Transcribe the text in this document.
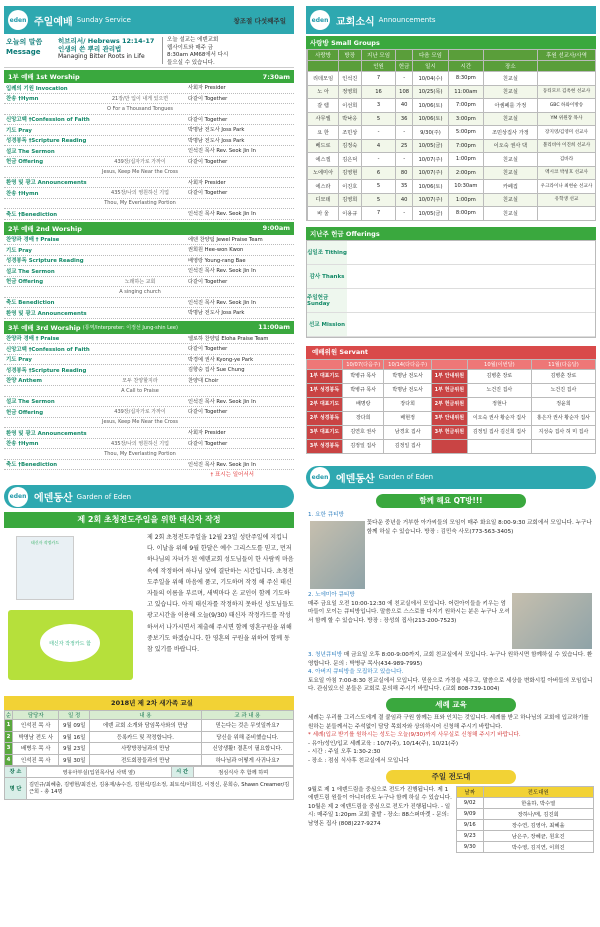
eden 주일예배 Sunday Service	창조절 다섯째주일
오늘의 말씀
Message
히브리서/ Hebrews 12:14-17
인생의 쓴 뿌리 관리법
Managing Bitter Roots in Life
오늘 설교는 에덴교회
웹사이트와 매주 금
8:30am AM68에서 다시
들으실 수 있습니다.
1부 예배 1st Worship	7:30am
입례의 기원 Invocation	사회자 Presider
찬송 †Hymn	21장/만 입이 내게 있으면	다같이 Together
O For a Thousand Tongues
신앙고백 †Confession of Faith	다같이 Together
기도 Pray	박명남 전도사 Joss Park
성경봉독 †Scripture Reading	박명남 전도사 Joss Park
설교 The Sermon	인석진 목사 Rev. Seok Jin In
헌금 Offering	439장/십자가로 가까이	다같이 Together
Jesus, Keep Me Near the Cross
환영 및 광고 Announcements	사회자 Presider
찬송 †Hymn	435장/나의 영원하신 기업	다같이 Together
Thou, My Everlasting Portion
축도 †Benediction	인석진 목사 Rev. Seok Jin In
2부 예배 2nd Worship	9:00am
찬양과 경배 † Praise	에덴 찬양팀 Jewel Praise Team
기도 Pray	권희원 Hee-won Kwon
성경봉독 Scripture Reading	배영랑 Young-rang Bae
설교 The Sermon	인석진 목사 Rev. Seok Jin In
헌금 Offering	노래하는 교회	다같이 Together
A singing church
축도 Benediction	인석진 목사 Rev. Seok Jin In
환영 및 광고 Announcements	박명남 전도사 Joss Park
3부 예배 3rd Worship
(통역/Interpreter: 이정선 Jung-shin Lee)	11:00am
찬양과 경배 † Praise	엘로하 찬양팀 Eloha Praise Team
신앙고백 †Confession of Faith	다같이 Together
기도 Pray	박경예 권사 Kyong-ye Park
성경봉독 †Scripture Reading	김향숭 집사 Sue Chung
찬양 Anthem	모두 찬양할지라	찬양대 Choir
A Call to Praise
설교 The Sermon	인석진 목사 Rev. Seok Jin In
헌금 Offering	439장/십자가로 가까이	다같이 Together
Jesus, Keep Me Near the Cross
환영 및 광고 Announcements	사회자 Presider
찬송 †Hymn	435장/나의 영원하신 기업	다같이 Together
Thou, My Everlasting Portion
축도 †Benediction	인석진 목사 Rev. Seok Jin In
† 표시는 일어서서
eden 에덴동산 Garden of Eden
제 2회 초청전도주일을 위한 태신자 작정
태신자 작정카드
태신자 작정카드 함
제 2회 초청전도주일을 12월 23일 성탄주일에 지킵니다. 이날을 위해 9월 한달은 예수 그리스도를 믿고, 먼저 하나님의 자녀가 된 에덴교회 성도님들이 한 사람씩 마음속에 작정하여 하나님 앞에 결단하는 시간입니다. 초청전도주일을 위해 마음에 품고, 기도하며 작정 해 주신 태신자들의 이름을 부르며, 새벽마다 온 교인이 함께 기도하고 있습니다. 아직 태신자를 작정하지 못하신 성도님들도 광고시간을 이용해 오늘(9/30) 태신자 작정카드를 작성하셔서 나가시면서 제출해 주시면 함께 영혼구원을 위해 중보기도 하겠습니다. 한 영혼의 구원을 위하여 함께 동참 있기를 바랍니다.
2018년 제 2차 새가족 교실
순	담당자	일 정	내 용	교 과 내 용
1	인석진 목 사	9월 09일	에덴 교회 소개와 담임목사와의 만남	믿는다는 것은 무엇일까요?
2	박명남 전도 사	9월 16일	등록카드 및 작정합니다.	당신을 위해 준비했습니다.
3	배병우 목 사	9월 23일	사랑방장님과의 만남	신앙생활! 결혼이 필요합니다.
4	인석진 목 사	9월 30일	전도회장들과의 만남	하나님과 어떻게 사귀나요?
장 소	영유아부실(입원목사님 사택 옆)	시 간	점심식사 후 함께 하며
명 단	김민규/최혜출, 김병현/최진선, 김용재/송수진, 김현석/김소정, 최토석/이희진, 이정신, 문희승, Shawn Creamer/김근희 - 총 14명		
eden 교회소식 Announcements
사랑방 Small Groups
	사랑방	방장	지난 모임		다음 모임			후원 선교사/사역
			인원	헌금	일시	시간	장소	
	리데모임	인석진	7	-	10/04(수)	8:30pm	친교실	
	노 아	정영희	16	108	10/25(목)	11:00am	친교실	동티모르 김옥현 선교사
	갈 렙	이선희	3	40	10/06(토)	7:00pm	아셈페를 가정	GBC 하와이방송
	사무엘	박낙응	5	36	10/06(토)	3:00pm	친교실	YM 위원장 목사
	요 한	조민상	-	-	9/30(주)	5:00pm	조민상집사 가정	장지영/김영미 선교사
	베드로	김정숙	4	25	10/05(금)	7:00pm	이오숙 권사 댁	볼리비아 이진희 선교사
	에스겔	김은덕	-	-	10/07(주)	1:00pm	친교실	김바라
	노에미아	김영현	6	80	10/07(주)	2:00pm	친교실	멕시코 박성호 선교사
	에스라	이진호	5	35	10/06(토)	10:30am	카페집	우크라이나 최현순 선교사
	디모데	김영희	5	40	10/07(주)	1:00pm	친교실	유학생 선교
	바 울	이용규	7	-	10/05(금)	8:00pm	친교실	
지난주 헌금 Offerings
십일조 Tithing
감사 Thanks
주일헌금 Sunday
선교 Mission
예배위원 Servant
	10/07(다음주)	10/14(다다음주)		10월(이번달)	11월(다음달)
1부 대표기도	박병규 목사	박명남 전도사	1부 안내위원	김병훈 장로	김병훈 장로
1부 성경봉독	박병규 목사	박명남 전도사	1부 헌금위원	노건진 집사	노건진 집사
2부 대표기도	배명랑	장다희	2부 헌금위원	정현나	정윤희
2부 성경봉독	장다희	배현정	3부 안내위원	이오숙 권사 황순자 집사	홍은자 권사 황순자 집사
3부 대표기도	김연호 권사	남경호 집사	3부 헌금위원	김정일 집사 김신희 집사	지성숙 집사 허 미 집사
3부 성경봉독	김정일 집사	김정일 집사			
eden 에덴동산 Garden of Eden
함께 해요 QT방!!!
1. 요한 큐티방
꽃다운 중년을 거부한 아가씨들의 모임이 매주 화요일 8:00-9:30 교회에서 모입니다. 누구나 함께 하실 수 있습니다. 방장 : 김민숙 사모(773-563-3405)
2. 노에미아 큐티방
매주 금요일 오전 10:00-12:30 에 친교실에서 모입니다. 어린아이들을 키우는 엄마들이 모이는 큐티방입니다. 말씀으로 스스로를 다지기 원하시는 분은 누구나 오셔서 함께 할 수 있습니다. 방장 : 장성희 집사(213-200-7523)
3. 청년큐티방 매 금요일 오후 8:00-9:00까지, 교회 친교실에서 모입니다. 누구나 원하시면 함께하실 수 있습니다. 환영합니다. 문의 : 박병규 목사(434-989-7995)
4. 아버지 큐티방을 모집하고 있습니다.
토요일 아침 7:00-8:30 친교실에서 모입니다. 믿음으로 가정을 세우고, 말씀으로 세상을 변화시킬 아버들의 모임입니다. 관심있으신 분들은 교회로 문의해 주시기 바랍니다. (교회 808-739-1004)
세례 교육
세례는 우리를 그리스도에게 결 붙임과 구원 함께는 표와 인치는 것입니다. 세례를 받고 하나님의 교회에 입교하기를 원하는 분들께서는 주석없이 담당 목회자와 상의하시어 신청해 주시기 바랍니다.
* 세례(입교 받기를 원하시는 성도는 오늘(9/30)까지 사무실로 신청해 주시기 바랍니다.
- 유아/성인/입교 세례교육 : 10/7(주), 10/14(주), 10/21(주)
- 시간 : 주일 오후 1:30-2:30
- 장소 : 점심 식사후 친교실에서 모입니다
주일 전도대
9월로 제 1 에덴드림을 중심으로 전도가 진행됩니다. 제 1 에덴드림 원들이 아니더라도 누구나 함께 하실 수 있습니다. 10월은 제 2 에덴드림을 중심으로 전도가 진행됩니다. - 일시: 매주일 1:20pm 교회 출발 - 장소: 88스퍼마켓 - 문의: 남영돈 집사 (808)227-9274
날짜	전도대원
9/02	한을하, 박수열
9/09	장하나/메, 김진회
9/16	장수연, 김영아, 최혜을
9/23	남은주, 장혜균, 원호진
9/30	박수영, 김지연, 이희진
